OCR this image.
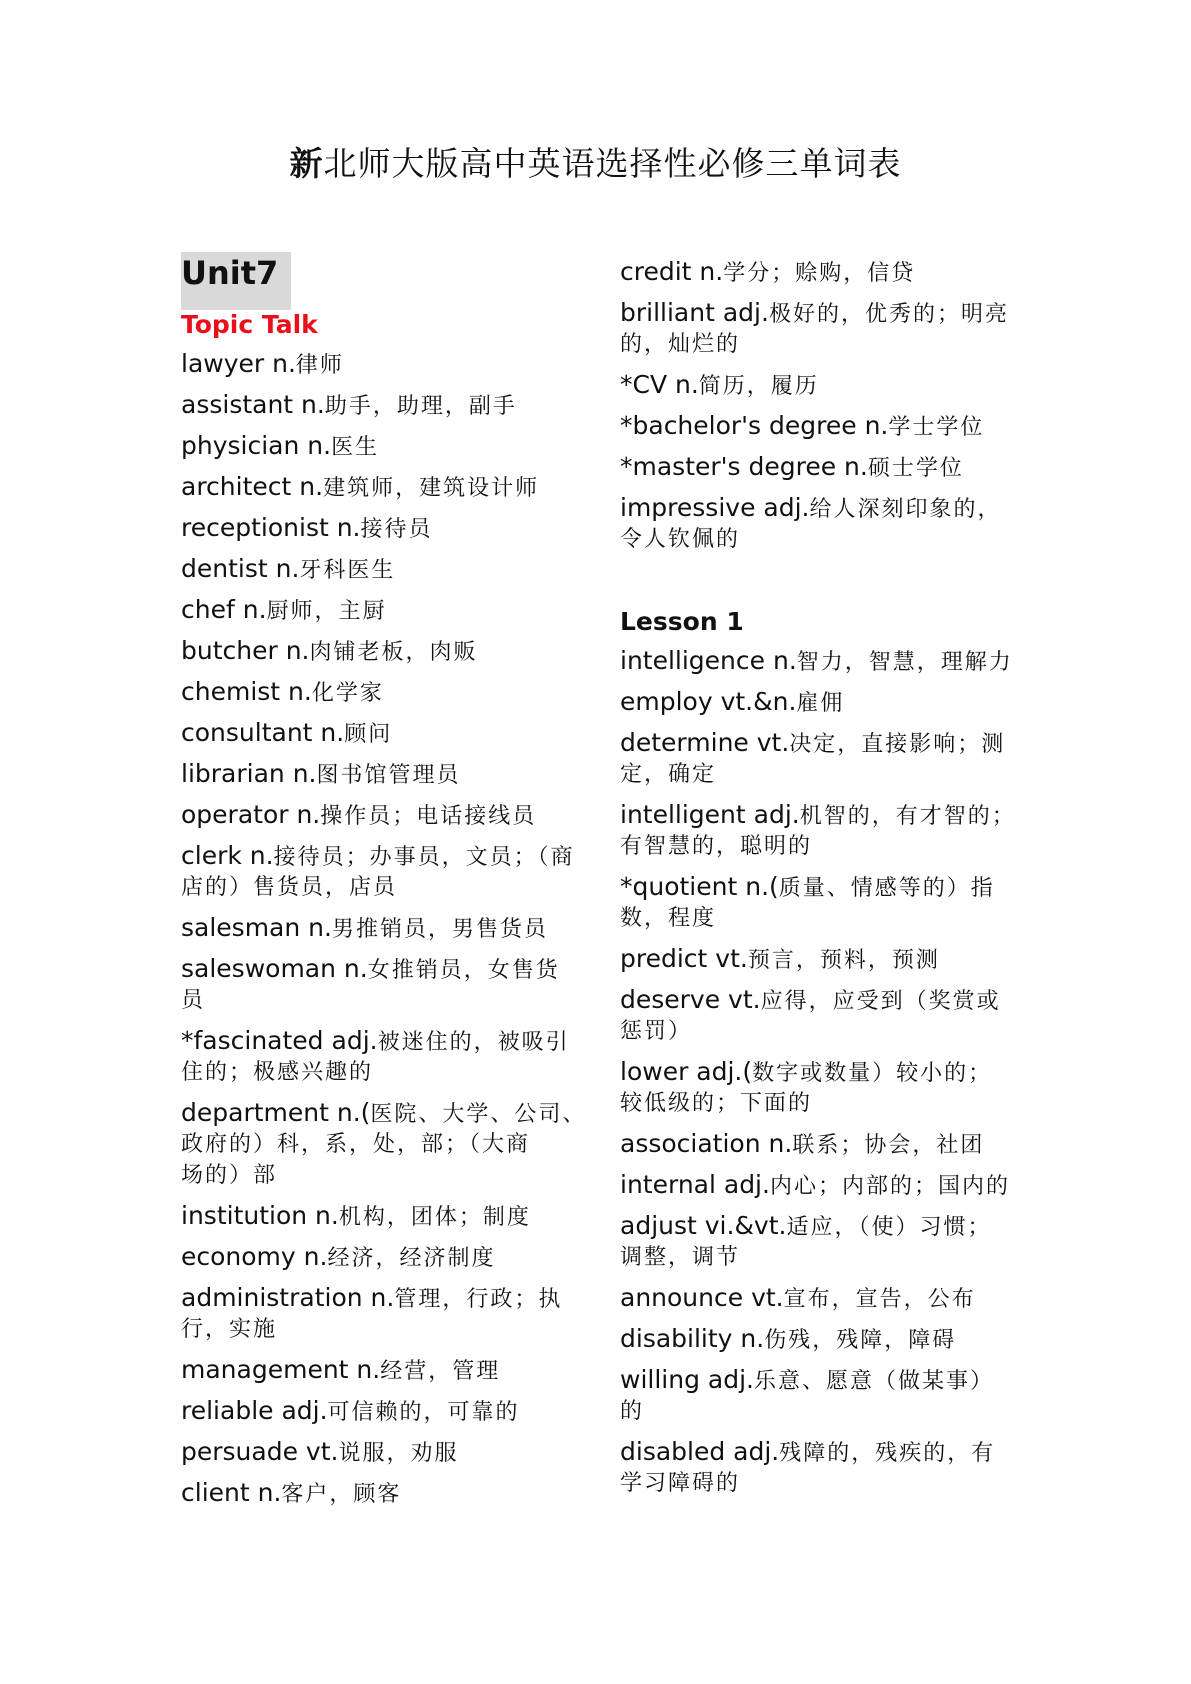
新北师大版高中英语选择性必修三单词表
Unit7
Topic Talk
lawyer n.律师
assistant n.助手，助理，副手
physician n.医生
architect n.建筑师，建筑设计师
receptionist n.接待员
dentist n.牙科医生
chef n.厨师，主厨
butcher n.肉铺老板，肉贩
chemist n.化学家
consultant n.顾问
librarian n.图书馆管理员
operator n.操作员；电话接线员
clerk n.接待员；办事员，文员；（商
店的）售货员，店员
salesman n.男推销员，男售货员
saleswoman n.女推销员，女售货
员
*fascinated adj.被迷住的，被吸引
住的；极感兴趣的
department n.(医院、大学、公司、
政府的）科，系，处，部；（大商
场的）部
institution n.机构，团体；制度
economy n.经济，经济制度
administration n.管理，行政；执
行，实施
management n.经营，管理
reliable adj.可信赖的，可靠的
persuade vt.说服，劝服
client n.客户，顾客
credit n.学分；赊购，信贷
brilliant adj.极好的，优秀的；明亮
的，灿烂的
*CV n.简历，履历
*bachelor's degree n.学士学位
*master's degree n.硕士学位
impressive adj.给人深刻印象的，
令人钦佩的
intelligence n.智力，智慧，理解力
employ vt.&n.雇佣
determine vt.决定，直接影响；测
定，确定
intelligent adj.机智的，有才智的；
有智慧的，聪明的
*quotient n.(质量、情感等的）指
数，程度
predict vt.预言，预料，预测
deserve vt.应得，应受到（奖赏或
惩罚）
lower adj.(数字或数量）较小的；
较低级的；下面的
association n.联系；协会，社团
internal adj.内心；内部的；国内的
adjust vi.&vt.适应，（使）习惯；
调整，调节
announce vt.宣布，宣告，公布
disability n.伤残，残障，障碍
willing adj.乐意、愿意（做某事）
的
disabled adj.残障的，残疾的，有
学习障碍的
Lesson 1
